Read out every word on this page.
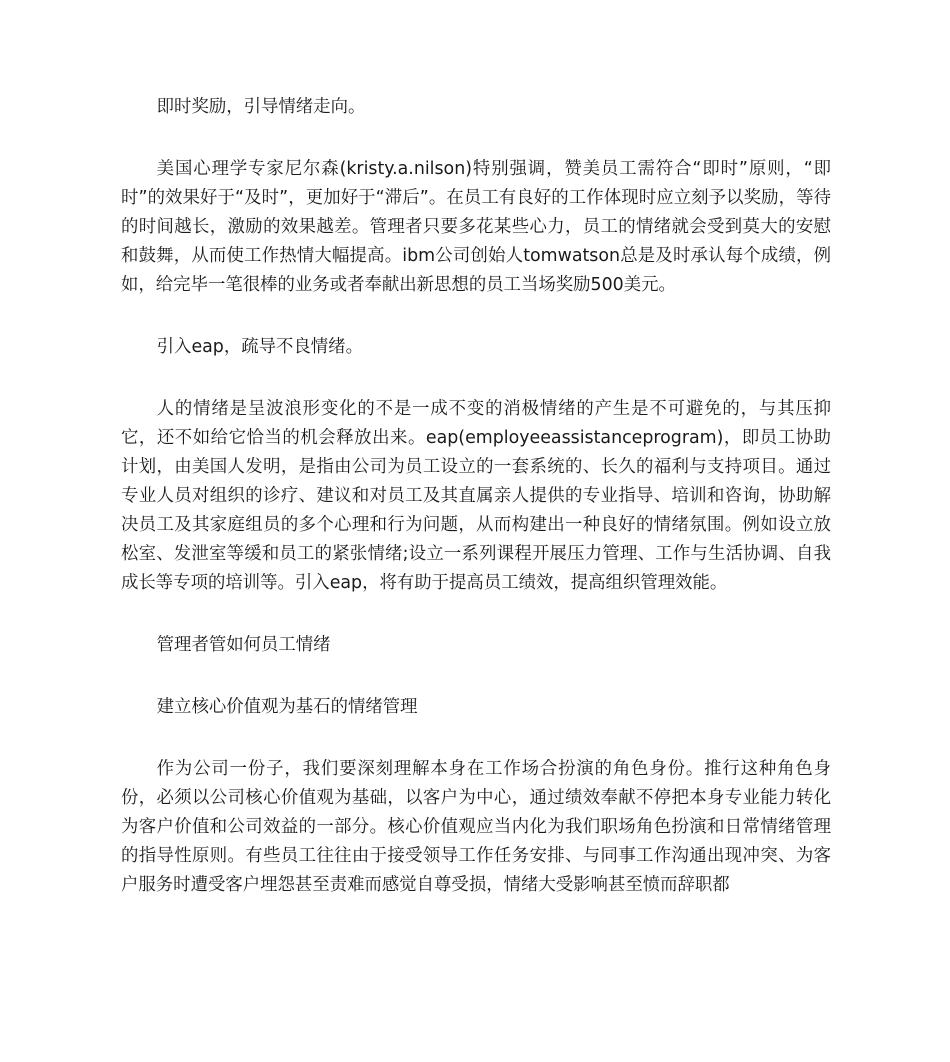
即时奖励，引导情绪走向。

美国心理学专家尼尔森(kristy.a.nilson)特别强调，赞美员工需符合“即时”原则，“即时”的效果好于“及时”，更加好于“滞后”。在员工有良好的工作体现时应立刻予以奖励，等待的时间越长，激励的效果越差。管理者只要多花某些心力，员工的情绪就会受到莫大的安慰和鼓舞，从而使工作热情大幅提高。ibm公司创始人tomwatson总是及时承认每个成绩，例如，给完毕一笔很棒的业务或者奉献出新思想的员工当场奖励500美元。

引入eap，疏导不良情绪。

人的情绪是呈波浪形变化的不是一成不变的消极情绪的产生是不可避免的，与其压抑它，还不如给它恰当的机会释放出来。eap(employeeassistanceprogram)，即员工协助计划，由美国人发明，是指由公司为员工设立的一套系统的、长久的福利与支持项目。通过专业人员对组织的诊疗、建议和对员工及其直属亲人提供的专业指导、培训和咨询，协助解决员工及其家庭组员的多个心理和行为问题，从而构建出一种良好的情绪氛围。例如设立放松室、发泄室等缓和员工的紧张情绪;设立一系列课程开展压力管理、工作与生活协调、自我成长等专项的培训等。引入eap，将有助于提高员工绩效，提高组织管理效能。

管理者管如何员工情绪

建立核心价值观为基石的情绪管理

作为公司一份子，我们要深刻理解本身在工作场合扮演的角色身份。推行这种角色身份，必须以公司核心价值观为基础，以客户为中心，通过绩效奉献不停把本身专业能力转化为客户价值和公司效益的一部分。核心价值观应当内化为我们职场角色扮演和日常情绪管理的指导性原则。有些员工往往由于接受领导工作任务安排、与同事工作沟通出现冲突、为客户服务时遭受客户埋怨甚至责难而感觉自尊受损，情绪大受影响甚至愤而辞职都
